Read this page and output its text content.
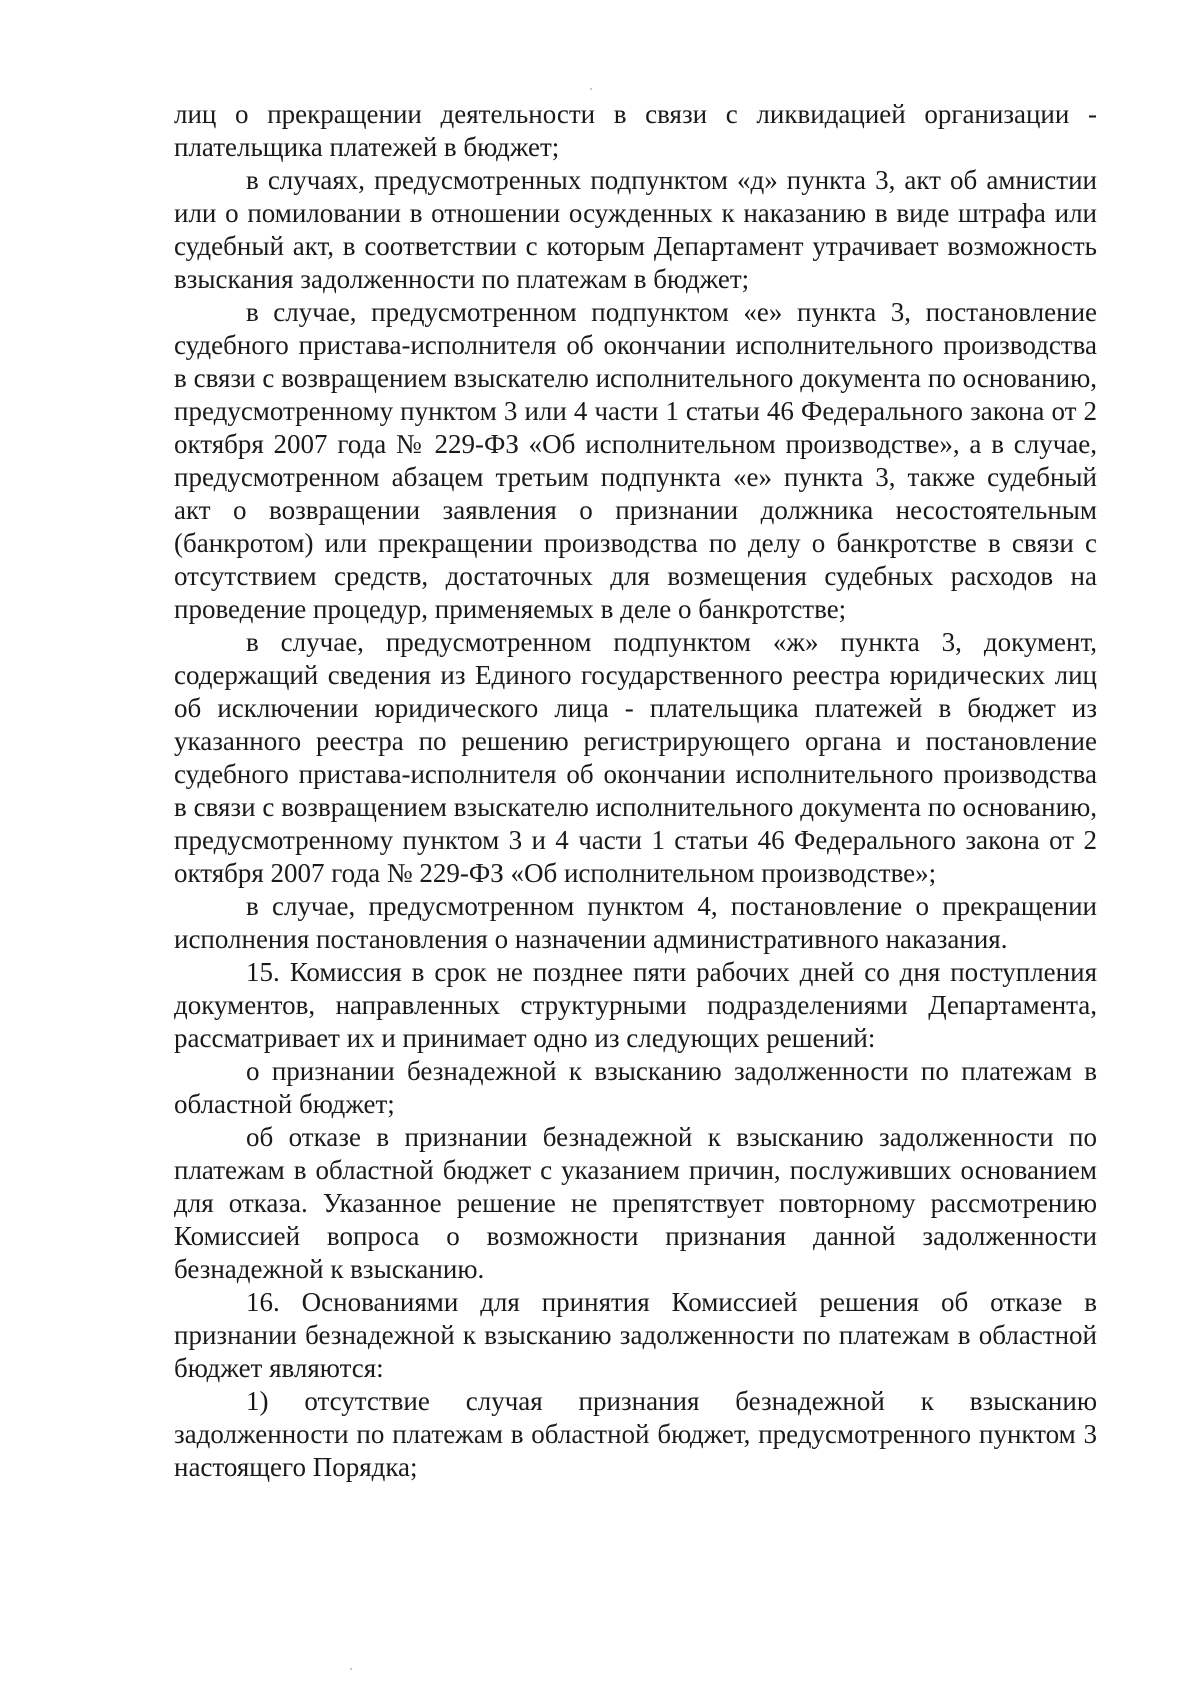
лиц о прекращении деятельности в связи с ликвидацией организации - плательщика платежей в бюджет;

в случаях, предусмотренных подпунктом «д» пункта 3, акт об амнистии или о помиловании в отношении осужденных к наказанию в виде штрафа или судебный акт, в соответствии с которым Департамент утрачивает возможность взыскания задолженности по платежам в бюджет;

в случае, предусмотренном подпунктом «е» пункта 3, постановление судебного пристава-исполнителя об окончании исполнительного производства в связи с возвращением взыскателю исполнительного документа по основанию, предусмотренному пунктом 3 или 4 части 1 статьи 46 Федерального закона от 2 октября 2007 года № 229-ФЗ «Об исполнительном производстве», а в случае, предусмотренном абзацем третьим подпункта «е» пункта 3, также судебный акт о возвращении заявления о признании должника несостоятельным (банкротом) или прекращении производства по делу о банкротстве в связи с отсутствием средств, достаточных для возмещения судебных расходов на проведение процедур, применяемых в деле о банкротстве;

в случае, предусмотренном подпунктом «ж» пункта 3, документ, содержащий сведения из Единого государственного реестра юридических лиц об исключении юридического лица - плательщика платежей в бюджет из указанного реестра по решению регистрирующего органа и постановление судебного пристава-исполнителя об окончании исполнительного производства в связи с возвращением взыскателю исполнительного документа по основанию, предусмотренному пунктом 3 и 4 части 1 статьи 46 Федерального закона от 2 октября 2007 года № 229-ФЗ «Об исполнительном производстве»;

в случае, предусмотренном пунктом 4, постановление о прекращении исполнения постановления о назначении административного наказания.

15. Комиссия в срок не позднее пяти рабочих дней со дня поступления документов, направленных структурными подразделениями Департамента, рассматривает их и принимает одно из следующих решений:

о признании безнадежной к взысканию задолженности по платежам в областной бюджет;

об отказе в признании безнадежной к взысканию задолженности по платежам в областной бюджет с указанием причин, послуживших основанием для отказа. Указанное решение не препятствует повторному рассмотрению Комиссией вопроса о возможности признания данной задолженности безнадежной к взысканию.

16. Основаниями для принятия Комиссией решения об отказе в признании безнадежной к взысканию задолженности по платежам в областной бюджет являются:

1) отсутствие случая признания безнадежной к взысканию задолженности по платежам в областной бюджет, предусмотренного пунктом 3 настоящего Порядка;
